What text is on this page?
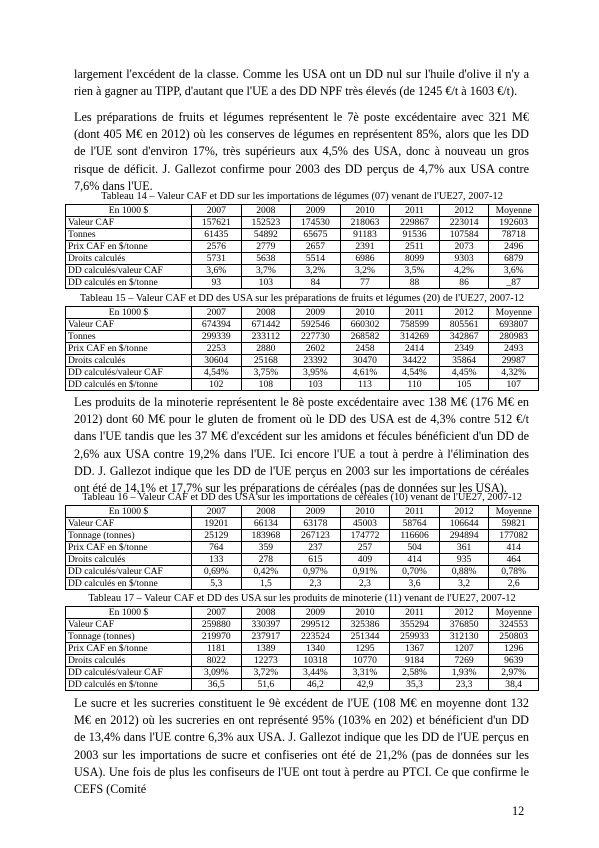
largement l'excédent de la classe. Comme les USA ont un DD nul sur l'huile d'olive il n'y a rien à gagner au TIPP, d'autant que l'UE a des DD NPF très élevés (de 1245 €/t à 1603 €/t).

Les préparations de fruits et légumes représentent le 7è poste excédentaire avec 321 M€ (dont 405 M€ en 2012) où les conserves de légumes en représentent 85%, alors que les DD de l'UE sont d'environ 17%, très supérieurs aux 4,5% des USA, donc à nouveau un gros risque de déficit. J. Gallezot confirme pour 2003 des DD perçus de 4,7% aux USA contre 7,6% dans l'UE.

Tableau 14 – Valeur CAF et DD sur les importations de légumes (07) venant de l'UE27, 2007-12

En 1000 $	2007	2008	2009	2010	2011	2012	Moyenne
Valeur CAF	157621	152523	174530	218063	229867	223014	192603
Tonnes	61435	54892	65675	91183	91536	107584	78718
Prix CAF en $/tonne	2576	2779	2657	2391	2511	2073	2496
Droits calculés	5731	5638	5514	6986	8099	9303	6879
DD calculés/valeur CAF	3,6%	3,7%	3,2%	3,2%	3,5%	4,2%	3,6%
DD calculés en $/tonne	93	103	84	77	88	86	_87

Tableau 15 – Valeur CAF et DD des USA sur les préparations de fruits et légumes (20) de l'UE27, 2007-12

En 1000 $	2007	2008	2009	2010	2011	2012	Moyenne
Valeur CAF	674394	671442	592546	660302	758599	805561	693807
Tonnes	299339	233112	227730	268582	314269	342867	280983
Prix CAF en $/tonne	2253	2880	2602	2458	2414	2349	2493
Droits calculés	30604	25168	23392	30470	34422	35864	29987
DD calculés/valeur CAF	4,54%	3,75%	3,95%	4,61%	4,54%	4,45%	4,32%
DD calculés en $/tonne	102	108	103	113	110	105	107

Les produits de la minoterie représentent le 8è poste excédentaire avec 138 M€ (176 M€ en 2012) dont 60 M€ pour le gluten de froment où le DD des USA est de 4,3% contre 512 €/t dans l'UE tandis que les 37 M€ d'excédent sur les amidons et fécules bénéficient d'un DD de 2,6% aux USA contre 19,2% dans l'UE. Ici encore l'UE a tout à perdre à l'élimination des DD. J. Gallezot indique que les DD de l'UE perçus en 2003 sur les importations de céréales ont été de 14,1% et 17,7% sur les préparations de céréales (pas de données sur les USA).

Tableau 16 – Valeur CAF et DD des USA sur les importations de céréales (10) venant de l'UE27, 2007-12

En 1000 $	2007	2008	2009	2010	2011	2012	Moyenne
Valeur CAF	19201	66134	63178	45003	58764	106644	59821
Tonnage (tonnes)	25129	183968	267123	174772	116606	294894	177082
Prix CAF en $/tonne	764	359	237	257	504	361	414
Droits calculés	133	278	615	409	414	935	464
DD calculés/valeur CAF	0,69%	0,42%	0,97%	0,91%	0,70%	0,88%	0,78%
DD calculés en $/tonne	5,3	1,5	2,3	2,3	3,6	3,2	2,6

Tableau 17 – Valeur CAF et DD des USA sur les produits de minoterie (11) venant de l'UE27, 2007-12

En 1000 $	2007	2008	2009	2010	2011	2012	Moyenne
Valeur CAF	259880	330397	299512	325386	355294	376850	324553
Tonnage (tonnes)	219970	237917	223524	251344	259933	312130	250803
Prix CAF en $/tonne	1181	1389	1340	1295	1367	1207	1296
Droits calculés	8022	12273	10318	10770	9184	7269	9639
DD calculés/valeur CAF	3,09%	3,72%	3,44%	3,31%	2,58%	1,93%	2,97%
DD calculés en $/tonne	36,5	51,6	46,2	42,9	35,3	23,3	38,4

Le sucre et les sucreries constituent le 9è excédent de l'UE (108 M€ en moyenne dont 132 M€ en 2012) où les sucreries en ont représenté 95% (103% en 202) et bénéficient d'un DD de 13,4% dans l'UE contre 6,3% aux USA. J. Gallezot indique que les DD de l'UE perçus en 2003 sur les importations de sucre et confiseries ont été de 21,2% (pas de données sur les USA). Une fois de plus les confiseurs de l'UE ont tout à perdre au PTCI. Ce que confirme le CEFS (Comité

12
